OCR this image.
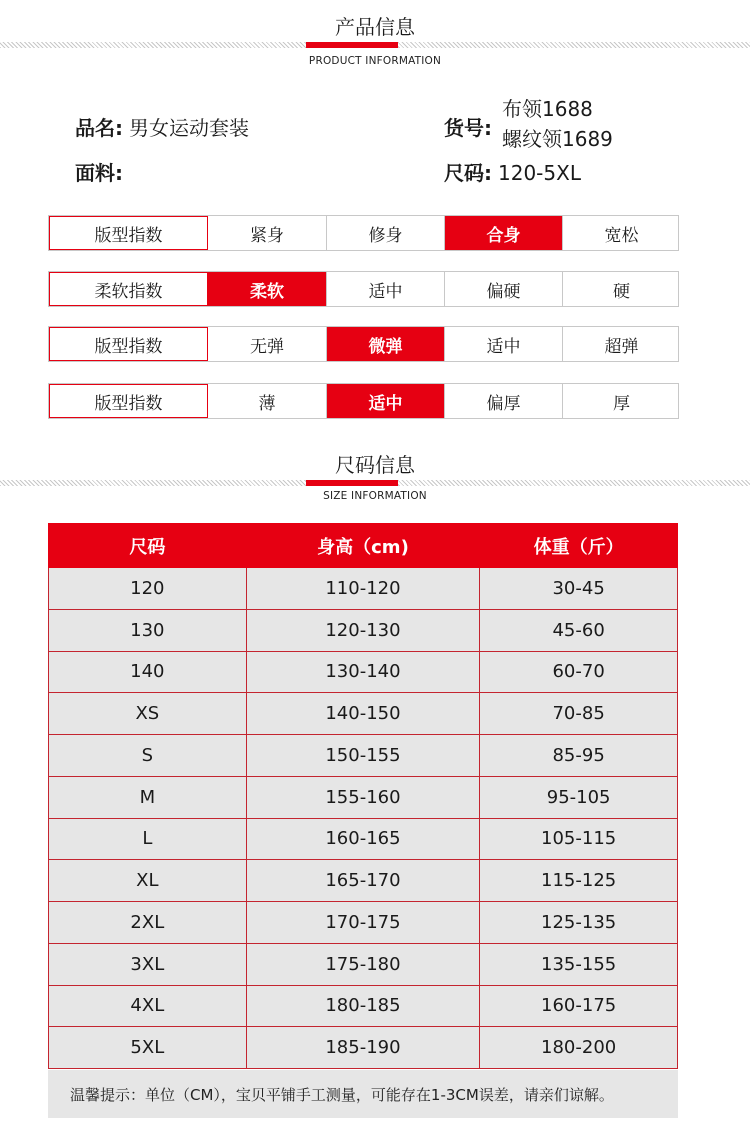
产品信息
PRODUCT INFORMATION
品名: 男女运动套装	货号:
布领1688
螺纹领1689
面料:	尺码: 120-5XL
版型指数	紧身	修身	合身	宽松
柔软指数	柔软	适中	偏硬	硬
版型指数	无弹	微弹	适中	超弹
版型指数	薄	适中	偏厚	厚
尺码信息
SIZE INFORMATION
尺码	身高（cm)	体重（斤）
120	110-120	30-45
130	120-130	45-60
140	130-140	60-70
XS	140-150	70-85
S	150-155	85-95
M	155-160	95-105
L	160-165	105-115
XL	165-170	115-125
2XL	170-175	125-135
3XL	175-180	135-155
4XL	180-185	160-175
5XL	185-190	180-200
温馨提示：单位（CM），宝贝平铺手工测量，可能存在1-3CM误差，请亲们谅解。
